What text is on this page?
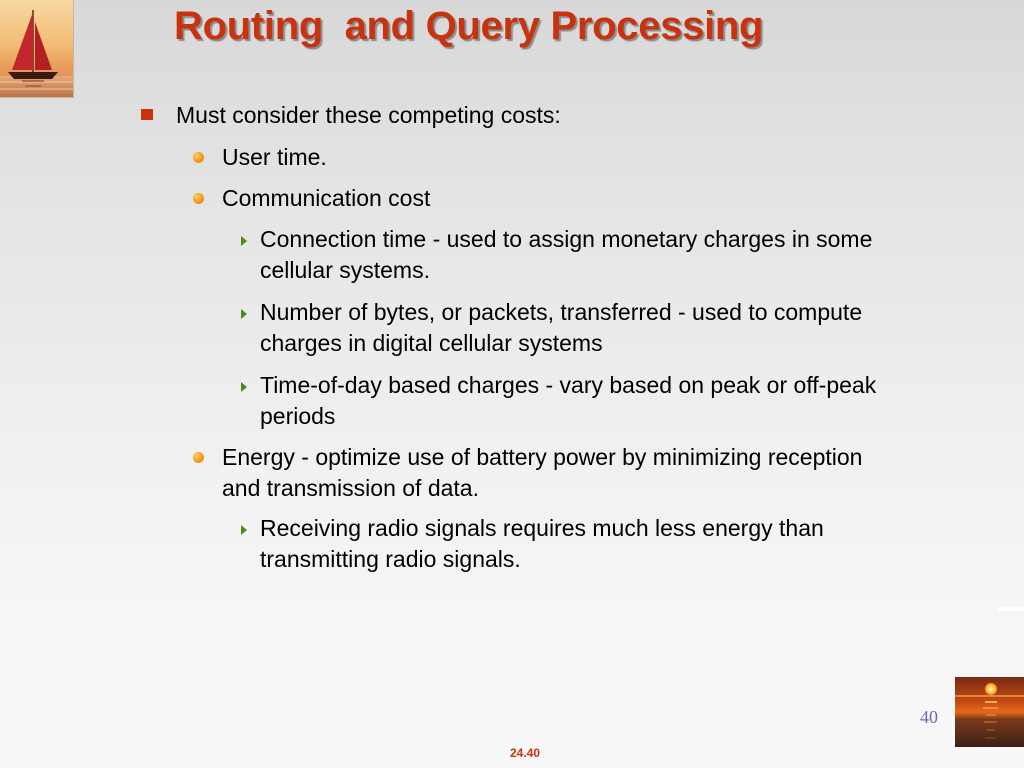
Routing  and Query Processing
Must consider these competing costs:
User time.
Communication cost
Connection time - used to assign monetary charges in some cellular systems.
Number of bytes, or packets, transferred - used to compute charges in digital cellular systems
Time-of-day based charges - vary based on peak or off-peak periods
Energy - optimize use of battery power by minimizing reception and transmission of data.
Receiving radio signals requires much less energy than transmitting radio signals.
40
24.40
